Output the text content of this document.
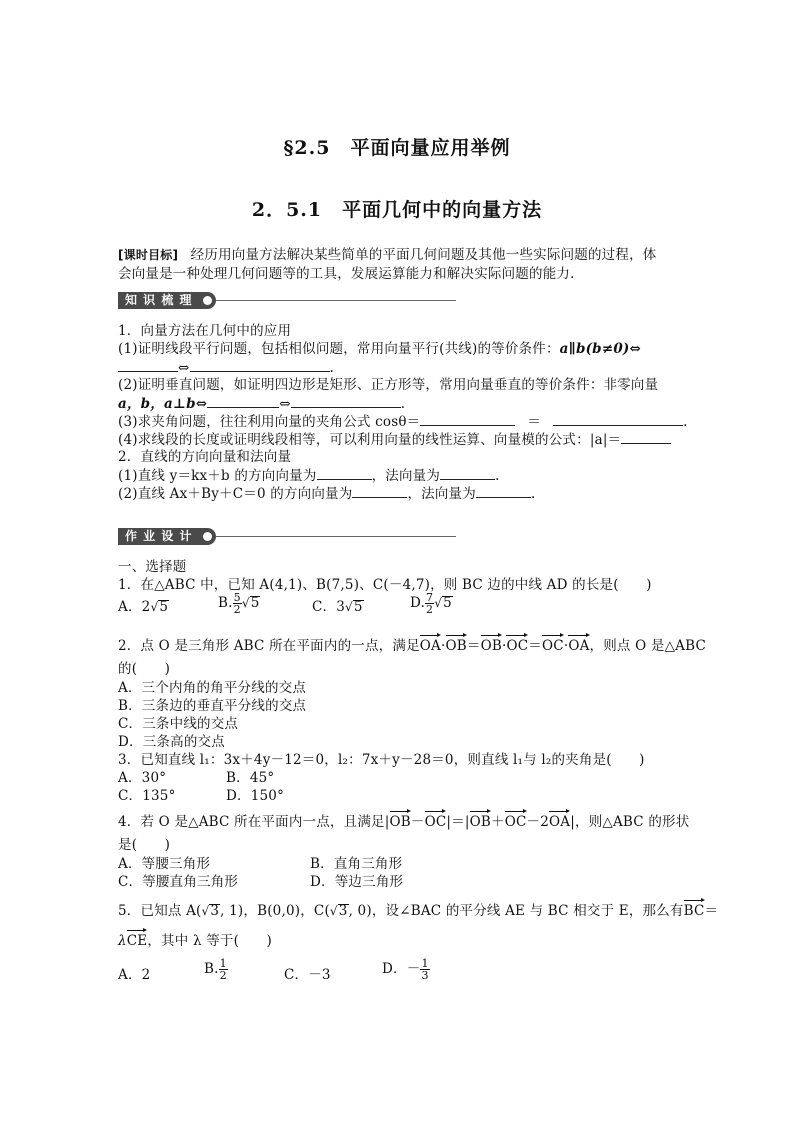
§2.5　平面向量应用举例
2．5.1　平面几何中的向量方法
[课时目标] 经历用向量方法解决某些简单的平面几何问题及其他一些实际问题的过程，体
会向量是一种处理几何问题等的工具，发展运算能力和解决实际问题的能力．
知 识 梳 理
1．向量方法在几何中的应用
(1)证明线段平行问题，包括相似问题，常用向量平行(共线)的等价条件：a∥b(b≠0)⇔
⇔	.
(2)证明垂直问题，如证明四边形是矩形、正方形等，常用向量垂直的等价条件：非零向量
a，b，a⊥b⇔	⇔	.
(3)求夹角问题，往往利用向量的夹角公式 cosθ＝	＝	.
(4)求线段的长度或证明线段相等，可以利用向量的线性运算、向量模的公式：|a|＝
2．直线的方向向量和法向量
(1)直线 y＝kx＋b 的方向向量为	，法向量为	.
(2)直线 Ax＋By＋C＝0 的方向向量为	，法向量为	.
作 业 设 计
一、选择题
1．在△ABC 中，已知 A(4,1)、B(7,5)、C(－4,7)，则 BC 边的中线 AD 的长是(　　)
A．2√5	B. $\frac{5}{2} √5$	C．3√5	D. $\frac{7}{2} √5$
2．点 O 是三角形 ABC 所在平面内的一点，满足OA·OB＝OB·OC＝OC·OA，则点 O 是△ABC
的(　　)
A．三个内角的角平分线的交点
B．三条边的垂直平分线的交点
C．三条中线的交点
D．三条高的交点
3．已知直线 l₁：3x＋4y－12＝0，l₂：7x＋y－28＝0，则直线 l₁与 l₂的夹角是(　　)
A．30°	B．45°
C．135°	D．150°
4．若 O 是△ABC 所在平面内一点，且满足|OB－OC|＝|OB＋OC－2OA|，则△ABC 的形状
是(　　)
A．等腰三角形	B．直角三角形
C．等腰直角三角形	D．等边三角形
5．已知点 A(√3, 1)，B(0,0)，C(√3, 0)，设∠BAC 的平分线 AE 与 BC 相交于 E，那么有BC＝
λCE，其中 λ 等于(　　)
A．2	B. $\frac{1}{2}$	C．－3	D．－ $\frac{1}{3}$
